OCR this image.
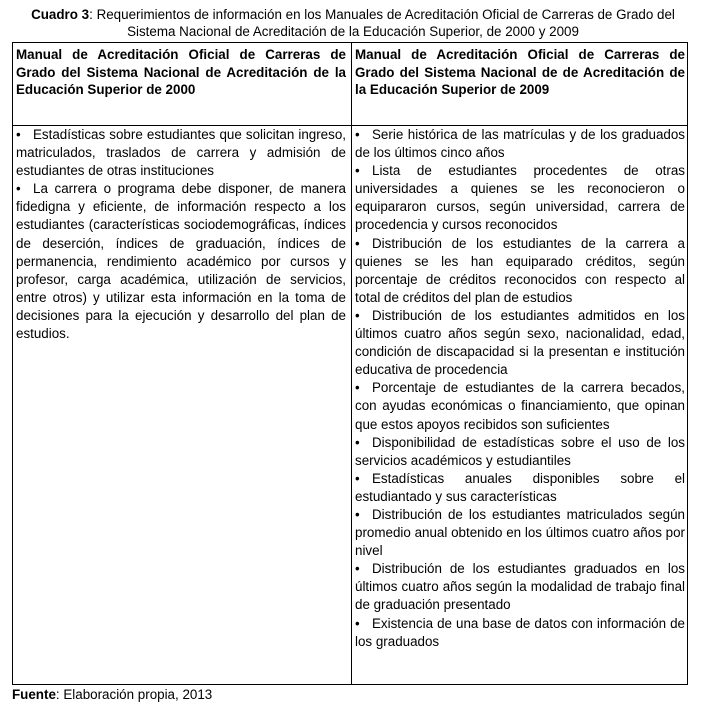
Cuadro 3: Requerimientos de información en los Manuales de Acreditación Oficial de Carreras de Grado del Sistema Nacional de Acreditación de la Educación Superior, de 2000 y 2009
Manual de Acreditación Oficial de Carreras de Grado del Sistema Nacional de Acreditación de la Educación Superior de 2000
Manual de Acreditación Oficial de Carreras de Grado del Sistema Nacional de de Acreditación de la Educación Superior de 2009

• Estadísticas sobre estudiantes que solicitan ingreso, matriculados, traslados de carrera y admisión de estudiantes de otras instituciones

• La carrera o programa debe disponer, de manera fidedigna y eficiente, de información respecto a los estudiantes (características sociodemográficas, índices de deserción, índices de graduación, índices de permanencia, rendimiento académico por cursos y profesor, carga académica, utilización de servicios, entre otros) y utilizar esta información en la toma de decisiones para la ejecución y desarrollo del plan de estudios.

• Serie histórica de las matrículas y de los graduados de los últimos cinco años

• Lista de estudiantes procedentes de otras universidades a quienes se les reconocieron o equipararon cursos, según universidad, carrera de procedencia y cursos reconocidos

• Distribución de los estudiantes de la carrera a quienes se les han equiparado créditos, según porcentaje de créditos reconocidos con respecto al total de créditos del plan de estudios

• Distribución de los estudiantes admitidos en los últimos cuatro años según sexo, nacionalidad, edad, condición de discapacidad si la presentan e institución educativa de procedencia

• Porcentaje de estudiantes de la carrera becados, con ayudas económicas o financiamiento, que opinan que estos apoyos recibidos son suficientes

• Disponibilidad de estadísticas sobre el uso de los servicios académicos y estudiantiles

• Estadísticas anuales disponibles sobre el estudiantado y sus características

• Distribución de los estudiantes matriculados según promedio anual obtenido en los últimos cuatro años por nivel

• Distribución de los estudiantes graduados en los últimos cuatro años según la modalidad de trabajo final de graduación presentado

• Existencia de una base de datos con información de los graduados

Fuente: Elaboración propia, 2013
